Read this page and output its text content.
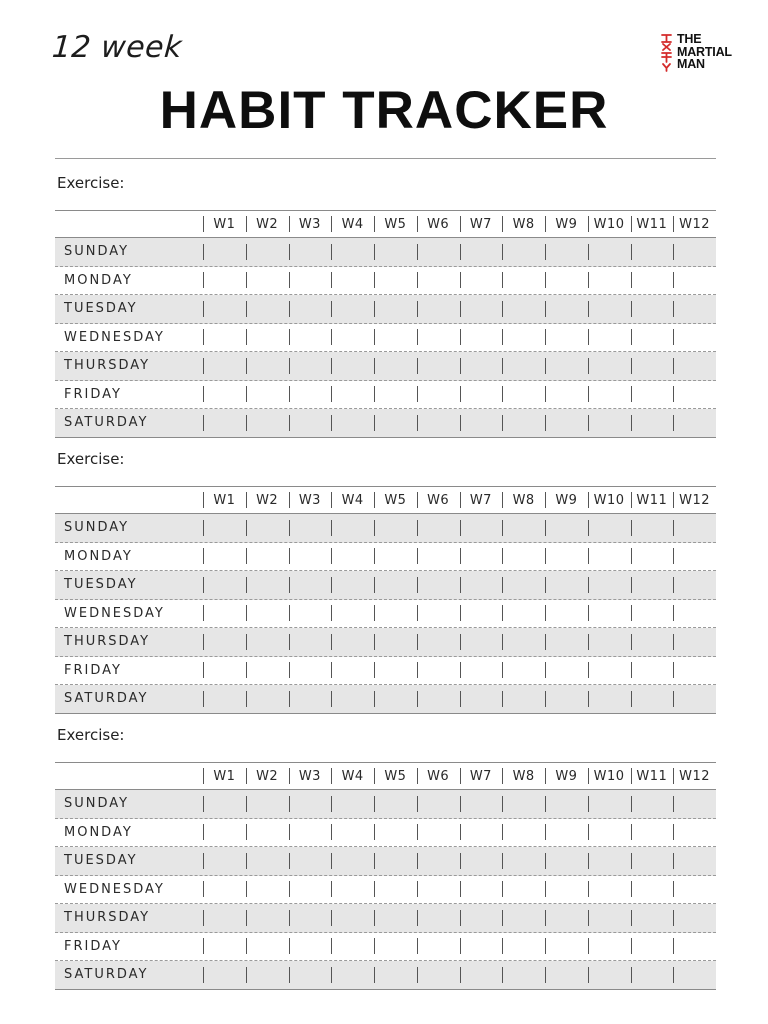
12 week	THE
MARTIAL
MAN
HABIT TRACKER
Exercise:
W1	W2	W3	W4	W5	W6	W7	W8	W9	W10 W11 W12
SUNDAY
MONDAY
TUESDAY
WEDNESDAY
THURSDAY
FRIDAY
SATURDAY
Exercise:
W1	W2	W3	W4	W5	W6	W7	W8	W9	W10 W11 W12
SUNDAY
MONDAY
TUESDAY
WEDNESDAY
THURSDAY
FRIDAY
SATURDAY
Exercise:
W1	W2	W3	W4	W5	W6	W7	W8	W9	W10 W11 W12
SUNDAY
MONDAY
TUESDAY
WEDNESDAY
THURSDAY
FRIDAY
SATURDAY
